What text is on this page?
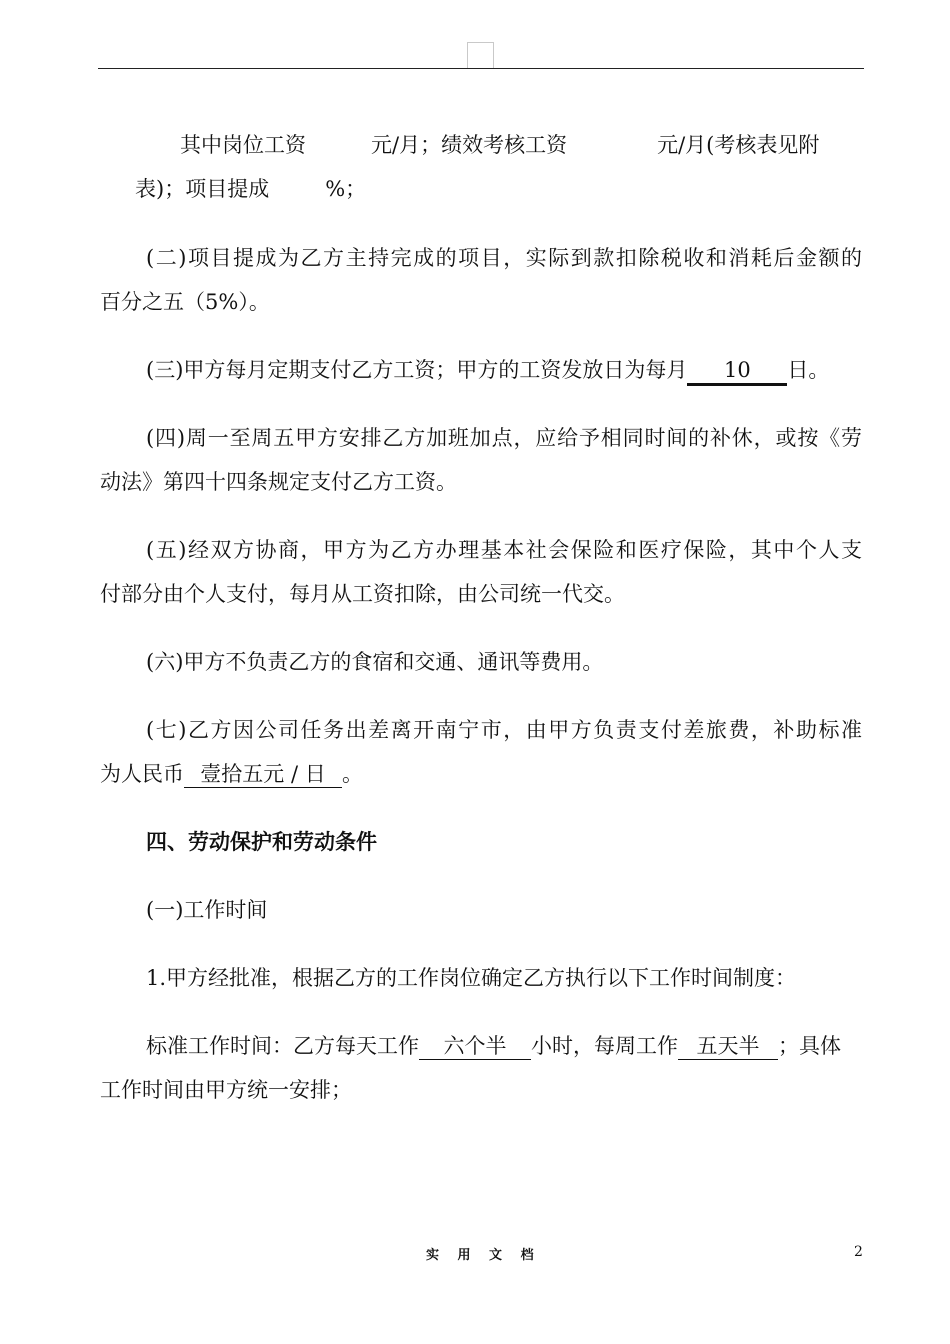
其中岗位工资	元/月；绩效考核工资	元/月(考核表见附
表)；项目提成	%；
(二)项目提成为乙方主持完成的项目，实际到款扣除税收和消耗后金额的
百分之五（5%）。
(三)甲方每月定期支付乙方工资；甲方的工资发放日为每月 10 日。
(四)周一至周五甲方安排乙方加班加点，应给予相同时间的补休，或按《劳
动法》第四十四条规定支付乙方工资。
(五)经双方协商，甲方为乙方办理基本社会保险和医疗保险，其中个人支
付部分由个人支付，每月从工资扣除，由公司统一代交。
(六)甲方不负责乙方的食宿和交通、通讯等费用。
(七)乙方因公司任务出差离开南宁市，由甲方负责支付差旅费，补助标准
为人民币 壹拾五元 / 日 。
四、劳动保护和劳动条件
(一)工作时间
1.甲方经批准，根据乙方的工作岗位确定乙方执行以下工作时间制度：
标准工作时间：乙方每天工作 六个半 小时，每周工作 五天半 ；具体
工作时间由甲方统一安排；
实 用 文 档	2
